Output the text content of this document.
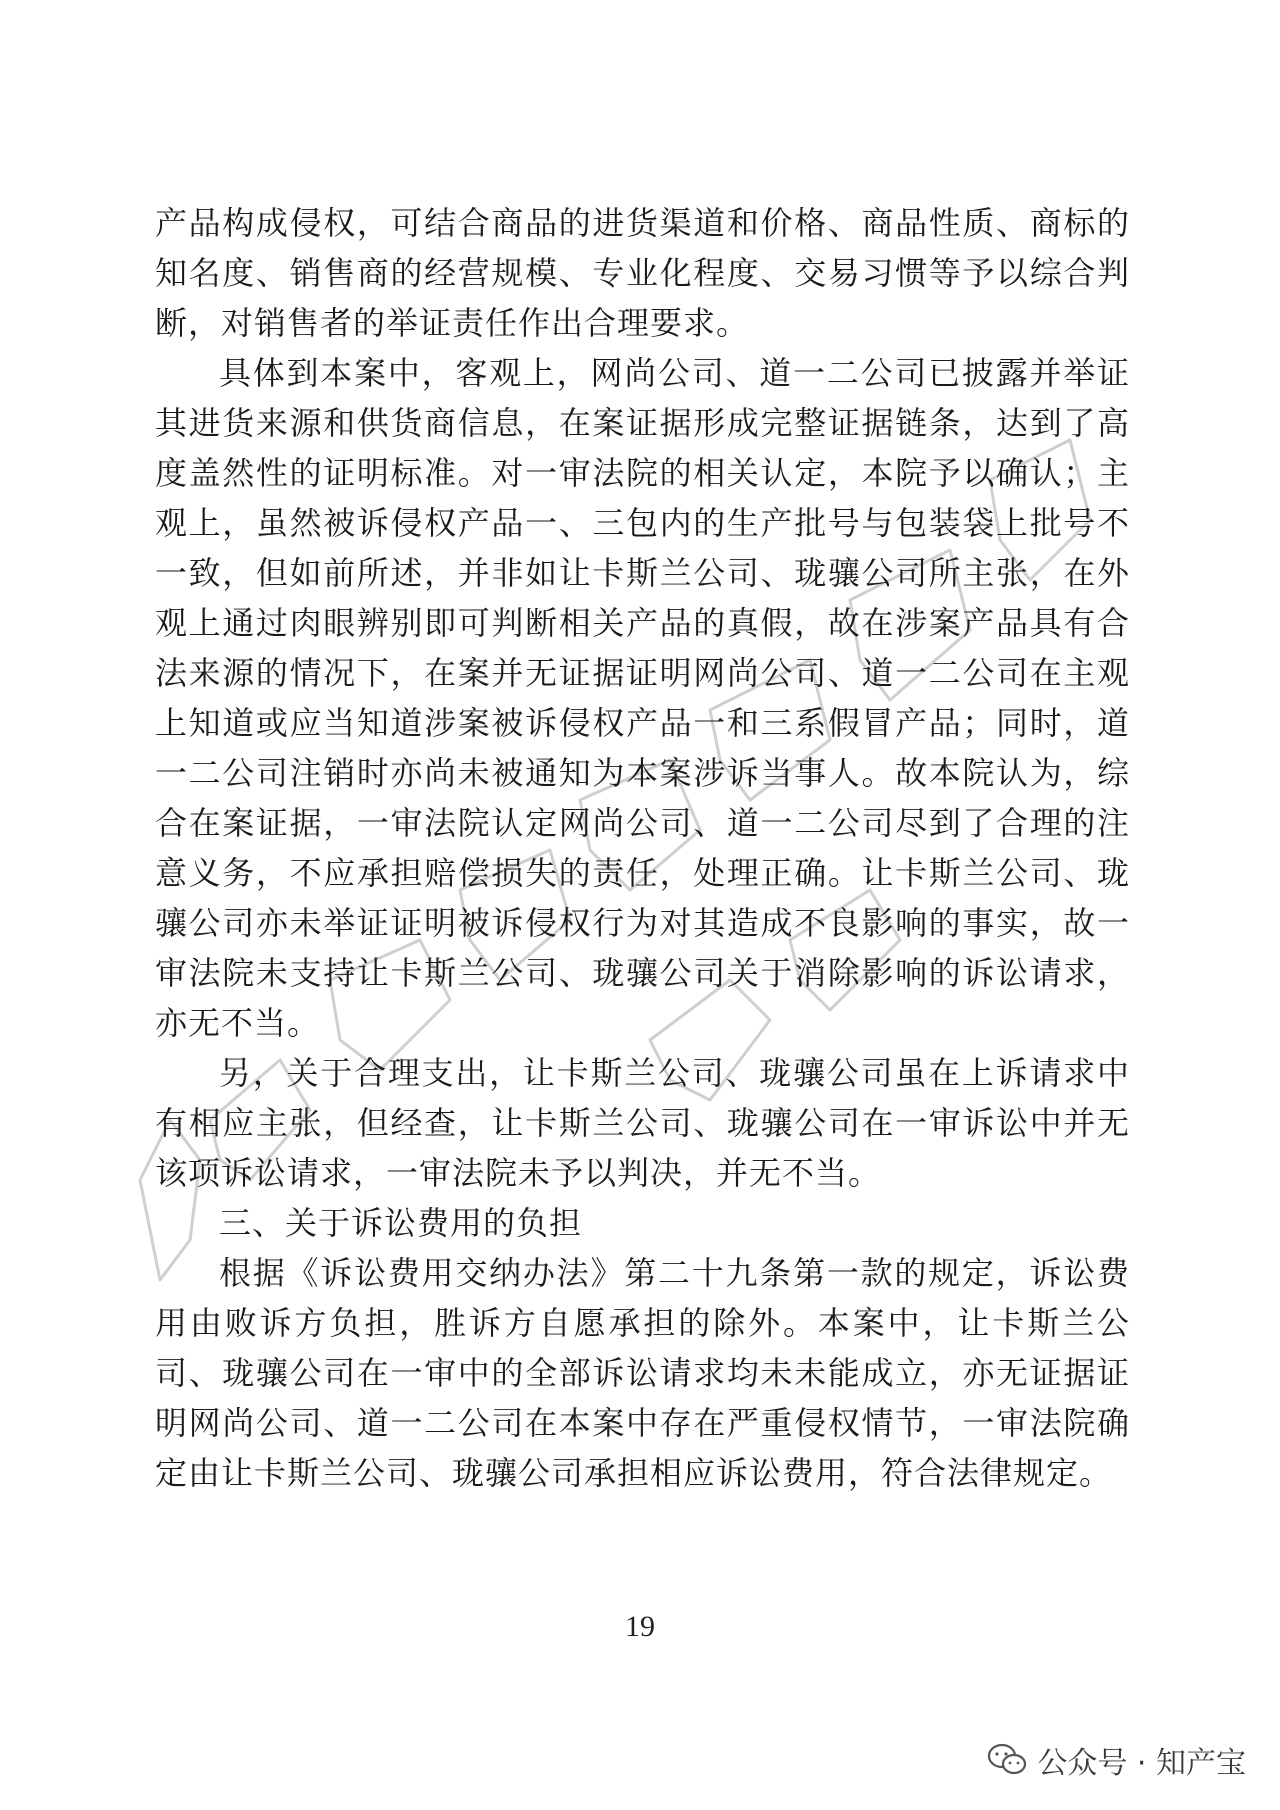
产品构成侵权，可结合商品的进货渠道和价格、商品性质、商标的知名度、销售商的经营规模、专业化程度、交易习惯等予以综合判断，对销售者的举证责任作出合理要求。

具体到本案中，客观上，网尚公司、道一二公司已披露并举证其进货来源和供货商信息，在案证据形成完整证据链条，达到了高度盖然性的证明标准。对一审法院的相关认定，本院予以确认；主观上，虽然被诉侵权产品一、三包内的生产批号与包装袋上批号不一致，但如前所述，并非如让卡斯兰公司、珑骧公司所主张，在外观上通过肉眼辨别即可判断相关产品的真假，故在涉案产品具有合法来源的情况下，在案并无证据证明网尚公司、道一二公司在主观上知道或应当知道涉案被诉侵权产品一和三系假冒产品；同时，道一二公司注销时亦尚未被通知为本案涉诉当事人。故本院认为，综合在案证据，一审法院认定网尚公司、道一二公司尽到了合理的注意义务，不应承担赔偿损失的责任，处理正确。让卡斯兰公司、珑骧公司亦未举证证明被诉侵权行为对其造成不良影响的事实，故一审法院未支持让卡斯兰公司、珑骧公司关于消除影响的诉讼请求，亦无不当。

另，关于合理支出，让卡斯兰公司、珑骧公司虽在上诉请求中有相应主张，但经查，让卡斯兰公司、珑骧公司在一审诉讼中并无该项诉讼请求，一审法院未予以判决，并无不当。

三、关于诉讼费用的负担

根据《诉讼费用交纳办法》第二十九条第一款的规定，诉讼费用由败诉方负担，胜诉方自愿承担的除外。本案中，让卡斯兰公司、珑骧公司在一审中的全部诉讼请求均未未能成立，亦无证据证明网尚公司、道一二公司在本案中存在严重侵权情节，一审法院确定由让卡斯兰公司、珑骧公司承担相应诉讼费用，符合法律规定。

19
公众号 · 知产宝
